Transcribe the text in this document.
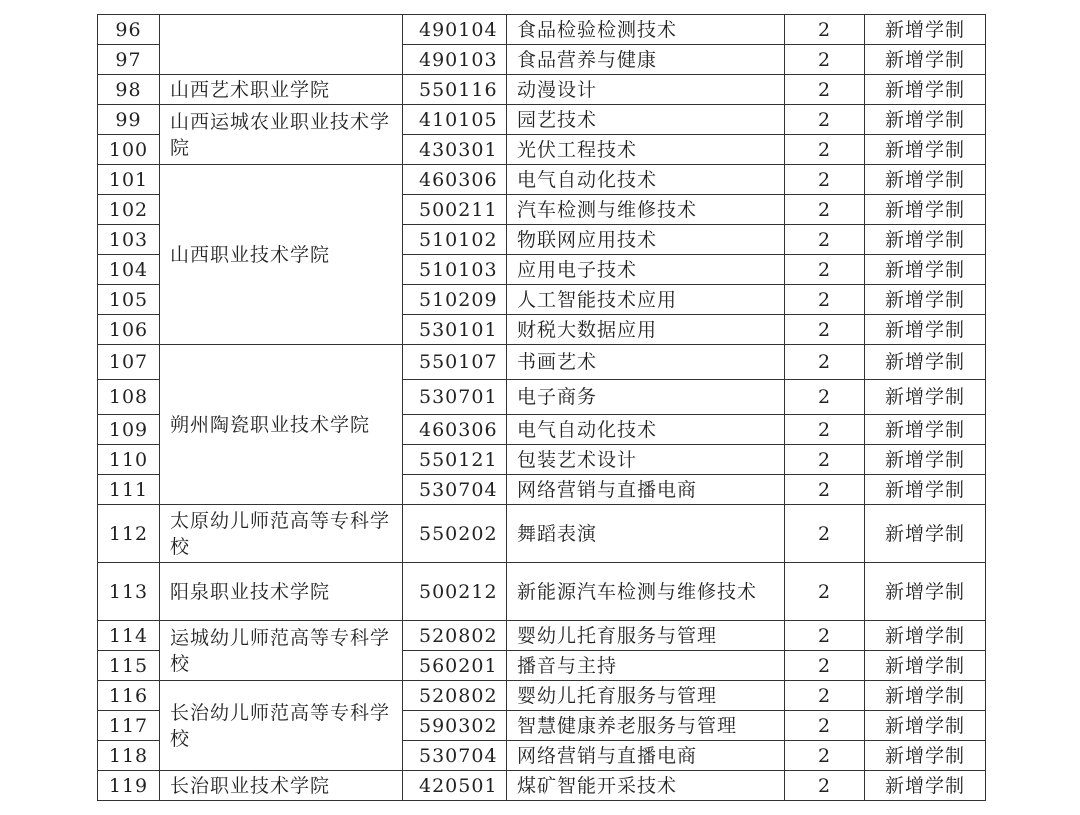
96		490104	食品检验检测技术	2	新增学制
97		490103	食品营养与健康	2	新增学制
98	山西艺术职业学院	550116	动漫设计	2	新增学制
99	山西运城农业职业技术学院	410105	园艺技术	2	新增学制
100		430301	光伏工程技术	2	新增学制
101	山西职业技术学院	460306	电气自动化技术	2	新增学制
102		500211	汽车检测与维修技术	2	新增学制
103		510102	物联网应用技术	2	新增学制
104		510103	应用电子技术	2	新增学制
105		510209	人工智能技术应用	2	新增学制
106		530101	财税大数据应用	2	新增学制
107	朔州陶瓷职业技术学院	550107	书画艺术	2	新增学制
108		530701	电子商务	2	新增学制
109		460306	电气自动化技术	2	新增学制
110		550121	包装艺术设计	2	新增学制
111		530704	网络营销与直播电商	2	新增学制
112	太原幼儿师范高等专科学校	550202	舞蹈表演	2	新增学制
113	阳泉职业技术学院	500212	新能源汽车检测与维修技术	2	新增学制
114	运城幼儿师范高等专科学校	520802	婴幼儿托育服务与管理	2	新增学制
115		560201	播音与主持	2	新增学制
116	长治幼儿师范高等专科学校	520802	婴幼儿托育服务与管理	2	新增学制
117		590302	智慧健康养老服务与管理	2	新增学制
118		530704	网络营销与直播电商	2	新增学制
119	长治职业技术学院	420501	煤矿智能开采技术	2	新增学制
